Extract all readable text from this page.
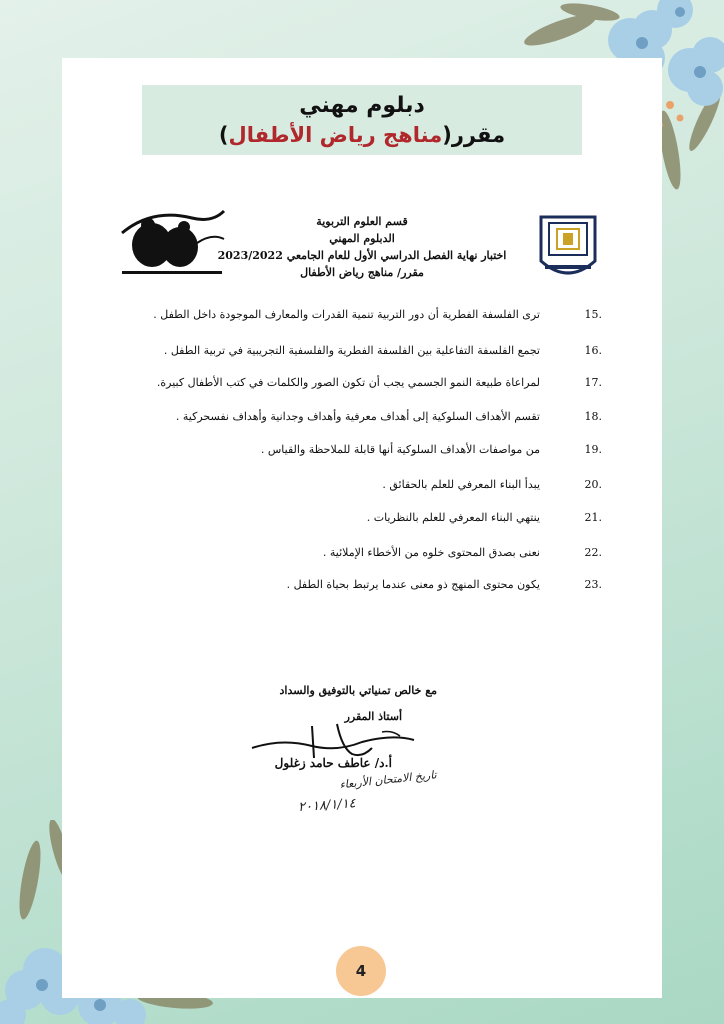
دبلوم مهني
مقرر(مناهج رياض الأطفال)
قسم العلوم التربوية
الدبلوم المهني
اختبار نهاية الفصل الدراسي الأول للعام الجامعي 2023/2022
مقرر/ مناهج رياض الأطفال
.15
ترى الفلسفة الفطرية أن دور التربية تنمية القدرات والمعارف الموجودة داخل الطفل .
.16
تجمع الفلسفة التفاعلية بين الفلسفة الفطرية والفلسفية التجريبية في تربية الطفل .
.17
لمراعاة طبيعة النمو الجسمي يجب أن تكون الصور والكلمات في كتب الأطفال كبيرة.
.18
تقسم الأهداف السلوكية إلى أهداف معرفية وأهداف وجدانية وأهداف نفسحركية .
.19
من مواصفات الأهداف السلوكية أنها قابلة للملاحظة والقياس .
.20
يبدأ البناء المعرفي للعلم بالحقائق .
.21
ينتهي البناء المعرفي للعلم بالنظريات .
.22
نعنى بصدق المحتوى خلوه من الأخطاء الإملائية .
.23
يكون محتوى المنهج ذو معنى عندما يرتبط بحياة الطفل .
مع خالص تمنياتي بالتوفيق والسداد
أستاذ المقرر
أ.د/ عاطف حامد زغلول
تاريخ الامتحان الأربعاء
٢٠١٨/١/١٤
4
